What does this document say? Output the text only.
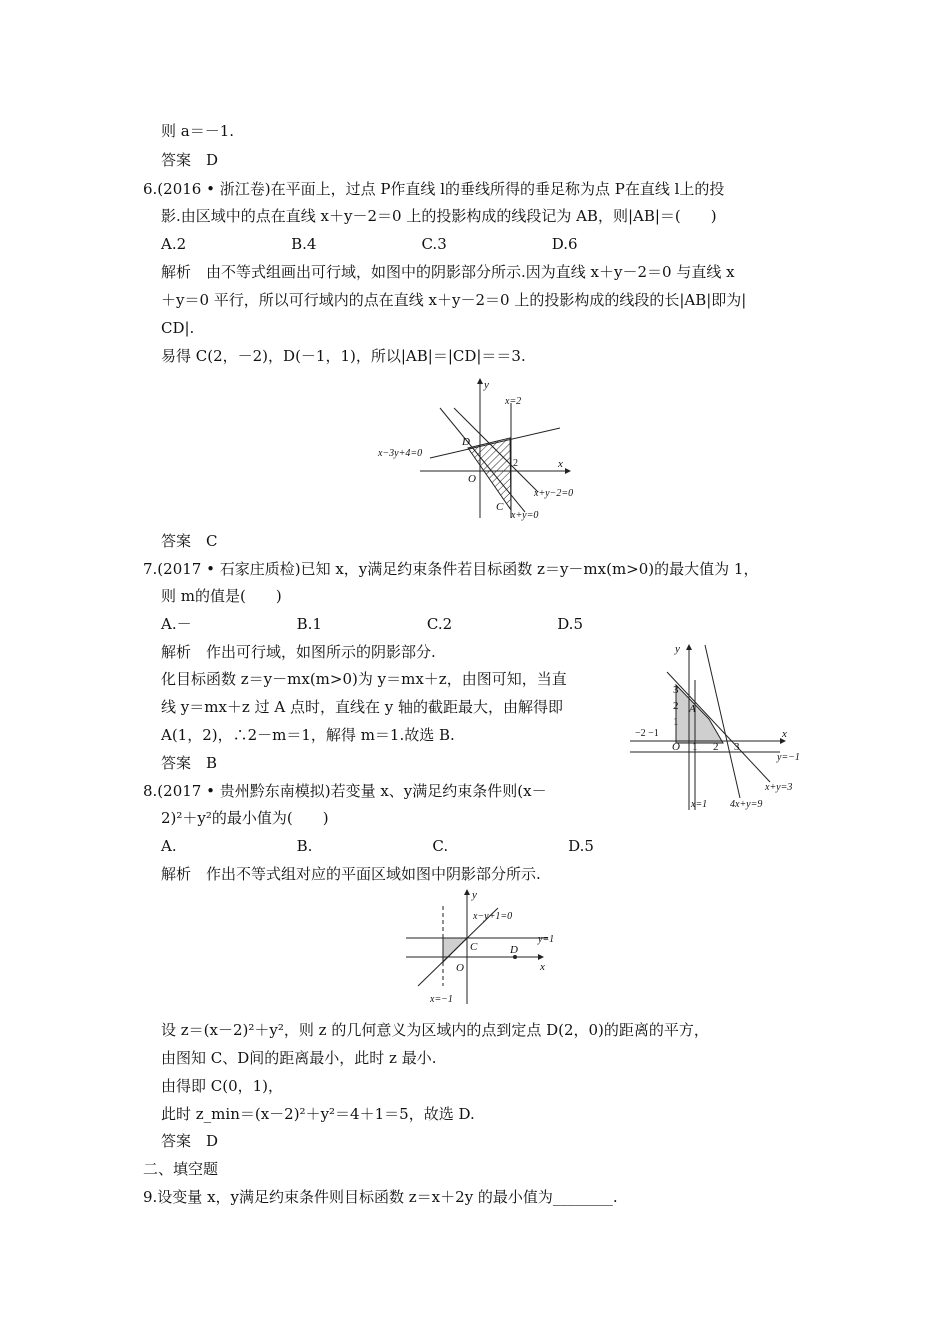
则 a＝－1.
答案　D
6.(2016 • 浙江卷)在平面上，过点 P作直线 l的垂线所得的垂足称为点 P在直线 l上的投
影.由区域中的点在直线 x＋y－2＝0 上的投影构成的线段记为 AB，则|AB|＝(　　)
A.2　　　　　　　B.4　　　　　　　C.3　　　　　　　D.6
解析　由不等式组画出可行域，如图中的阴影部分所示.因为直线 x＋y－2＝0 与直线 x
＋y＝0 平行，所以可行域内的点在直线 x＋y－2＝0 上的投影构成的线段的长|AB|即为|
CD|.
易得 C(2，－2)，D(－1，1)，所以|AB|＝|CD|＝＝3.
答案　C
7.(2017 • 石家庄质检)已知 x，y满足约束条件若目标函数 z＝y－mx(m>0)的最大值为 1，
则 m的值是(　　)
A.－　　　　　　　B.1　　　　　　　C.2　　　　　　　D.5
解析　作出可行域，如图所示的阴影部分.
化目标函数 z＝y－mx(m>0)为 y＝mx＋z，由图可知，当直
线 y＝mx＋z 过 A 点时，直线在 y 轴的截距最大，由解得即
A(1，2)，∴2－m＝1，解得 m＝1.故选 B.
答案　B
8.(2017 • 贵州黔东南模拟)若变量 x、y满足约束条件则(x－
2)²＋y²的最小值为(　　)
A.　　　　　　　　B.　　　　　　　　C.　　　　　　　　D.5
解析　作出不等式组对应的平面区域如图中阴影部分所示.
设 z＝(x－2)²＋y²，则 z 的几何意义为区域内的点到定点 D(2，0)的距离的平方，
由图知 C、D间的距离最小，此时 z 最小.
由得即 C(0，1)，
此时 z_min＝(x－2)²＋y²＝4＋1＝5，故选 D.
答案　D
二、填空题
9.设变量 x，y满足约束条件则目标函数 z＝x＋2y 的最小值为________.
y
x
x=2
x−3y+4=0
D
2
O
x+y−2=0
C
x+y=0
y
x
3
2
1
A
−2 −1
O 1 2 3
y=−1
x+y=3
x=1 4x+y=9
y
x
x−y+1=0
C
y=1
D
O
x=−1
